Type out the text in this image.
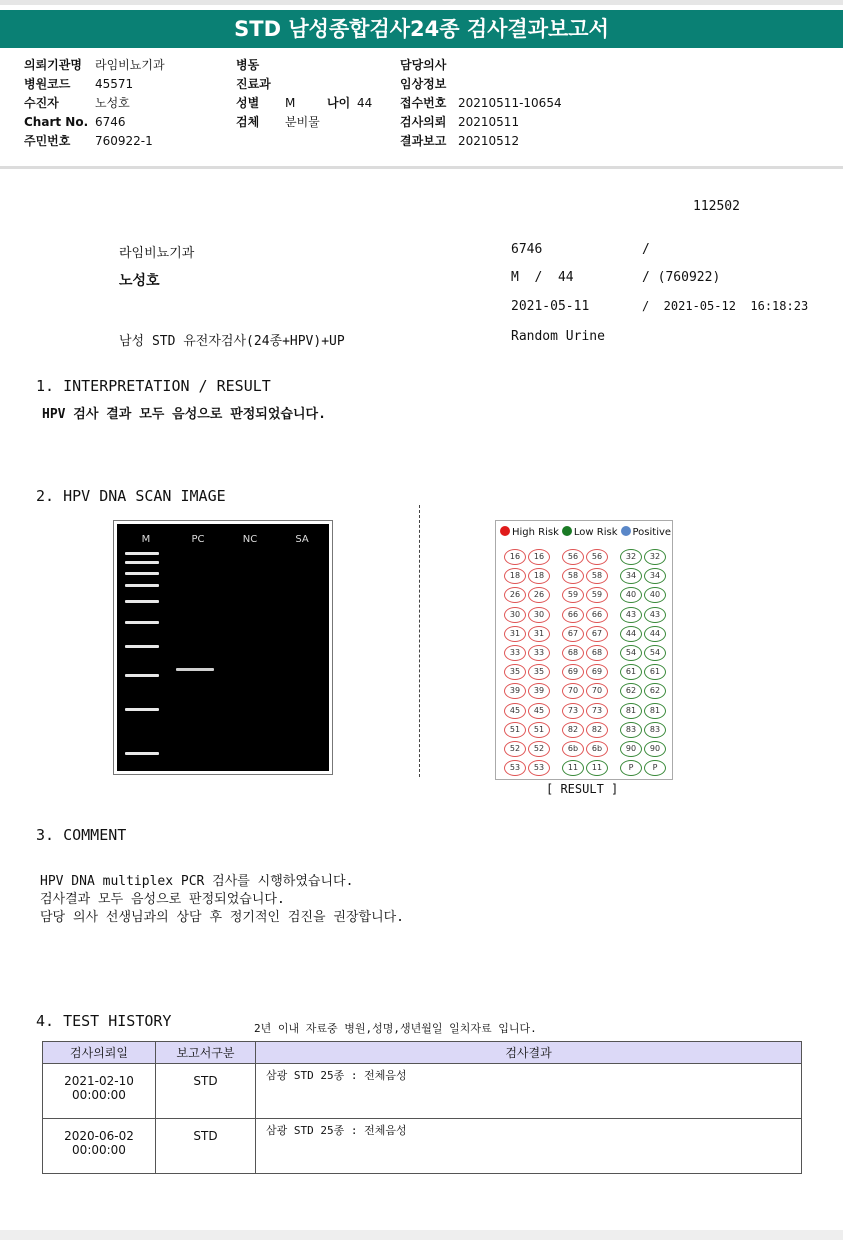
STD 남성종합검사24종 검사결과보고서
의뢰기관명 라임비뇨기과
병원코드 45571
수진자	노성호
Chart No. 6746
주민번호 760922-1
병동
진료과
성별 M
검체 분비물
나이 44
담당의사
임상정보
접수번호 20210511-10654
검사의뢰 20210511
결과보고 20210512
112502
라임비뇨기과	6746	/
노성호	M  /  44	/ (760922)
2021-05-11	/  2021-05-12  16:18:23
남성 STD 유전자검사(24종+HPV)+UP	Random Urine
1. INTERPRETATION / RESULT
HPV 검사 결과 모두 음성으로 판정되었습니다.
2. HPV DNA SCAN IMAGE
M	PC	NC	SA
High Risk Low Risk Positive
16	16	56	56	32	32
18	18	58	58	34	34
26	26	59	59	40	40
30	30	66	66	43	43
31	31	67	67	44	44
33	33	68	68	54	54
35	35	69	69	61	61
39	39	70	70	62	62
45	45	73	73	81	81
51	51	82	82	83	83
52	52	6b	6b	90	90
53	53	11	11	P	P
[ RESULT ]
3. COMMENT
HPV DNA multiplex PCR 검사를 시행하였습니다.
검사결과 모두 음성으로 판정되었습니다.
담당 의사 선생님과의 상담 후 정기적인 검진을 권장합니다.
4. TEST HISTORY	2년 이내 자료중 병원,성명,생년월일 일치자료 입니다.
검사의뢰일	보고서구분	검사결과

2021-02-10
00:00:00	STD	삼광 STD 25종 : 전체음성

2020-06-02
00:00:00	STD	삼광 STD 25종 : 전체음성
